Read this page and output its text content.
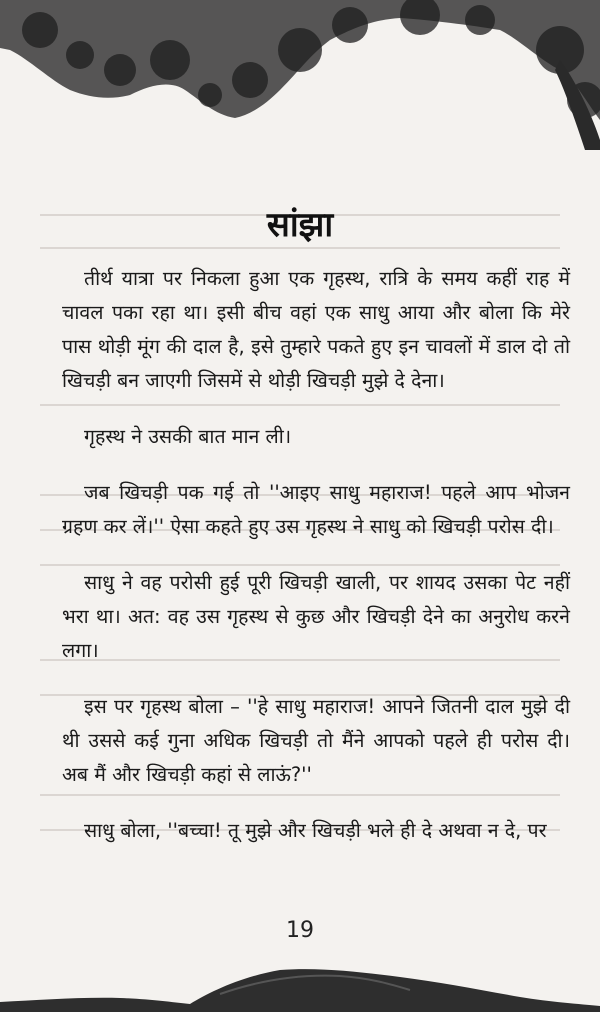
सांझा

तीर्थ यात्रा पर निकला हुआ एक गृहस्थ, रात्रि के समय कहीं राह में चावल पका रहा था। इसी बीच वहां एक साधु आया और बोला कि मेरे पास थोड़ी मूंग की दाल है, इसे तुम्हारे पकते हुए इन चावलों में डाल दो तो खिचड़ी बन जाएगी जिसमें से थोड़ी खिचड़ी मुझे दे देना।

गृहस्थ ने उसकी बात मान ली।

जब खिचड़ी पक गई तो ''आइए साधु महाराज! पहले आप भोजन ग्रहण कर लें।'' ऐसा कहते हुए उस गृहस्थ ने साधु को खिचड़ी परोस दी।

साधु ने वह परोसी हुई पूरी खिचड़ी खाली, पर शायद उसका पेट नहीं भरा था। अत: वह उस गृहस्थ से कुछ और खिचड़ी देने का अनुरोध करने लगा।

इस पर गृहस्थ बोला – ''हे साधु महाराज! आपने जितनी दाल मुझे दी थी उससे कई गुना अधिक खिचड़ी तो मैंने आपको पहले ही परोस दी। अब मैं और खिचड़ी कहां से लाऊं?''

साधु बोला, ''बच्चा! तू मुझे और खिचड़ी भले ही दे अथवा न दे, पर

19
